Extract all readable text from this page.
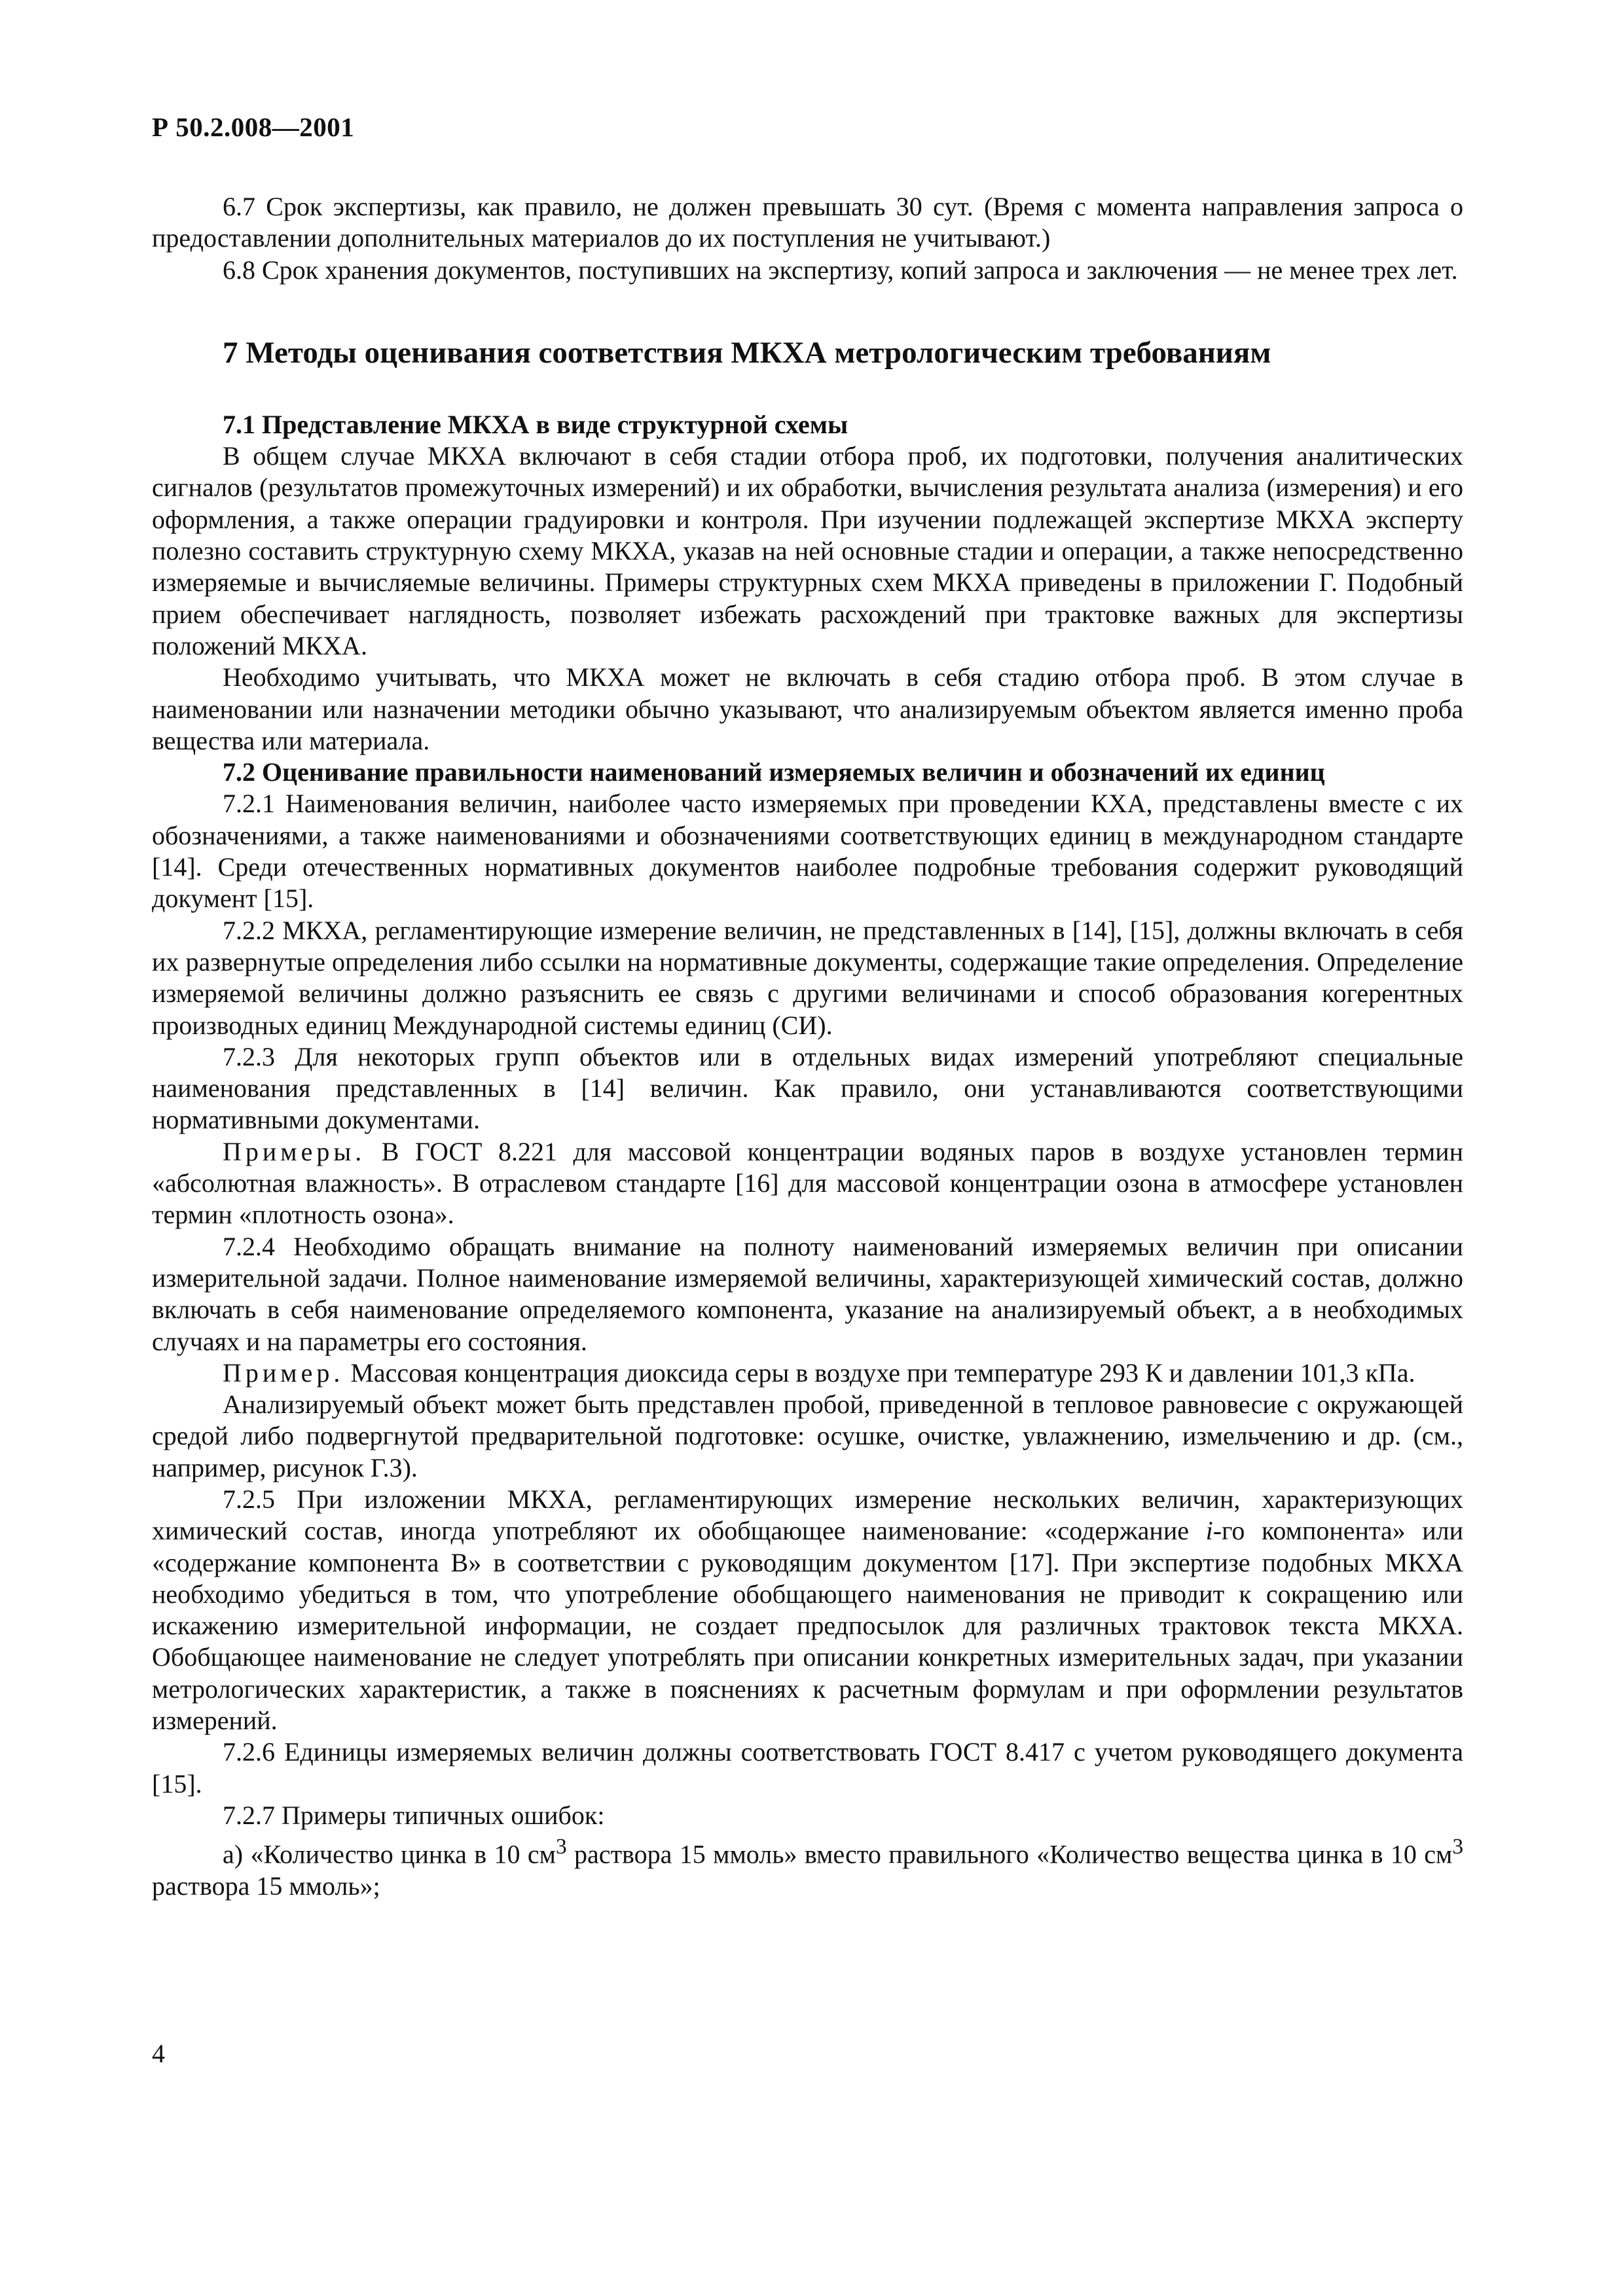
Р 50.2.008—2001

6.7 Срок экспертизы, как правило, не должен превышать 30 сут. (Время с момента направления запроса о предоставлении дополнительных материалов до их поступления не учитывают.)

6.8 Срок хранения документов, поступивших на экспертизу, копий запроса и заключения — не менее трех лет.

7 Методы оценивания соответствия МКХА метрологическим требованиям
7.1 Представление МКХА в виде структурной схемы

В общем случае МКХА включают в себя стадии отбора проб, их подготовки, получения аналитических сигналов (результатов промежуточных измерений) и их обработки, вычисления результата анализа (измерения) и его оформления, а также операции градуировки и контроля. При изучении подлежащей экспертизе МКХА эксперту полезно составить структурную схему МКХА, указав на ней основные стадии и операции, а также непосредственно измеряемые и вычисляемые величины. Примеры структурных схем МКХА приведены в приложении Г. Подобный прием обеспечивает наглядность, позволяет избежать расхождений при трактовке важных для экспертизы положений МКХА.

Необходимо учитывать, что МКХА может не включать в себя стадию отбора проб. В этом случае в наименовании или назначении методики обычно указывают, что анализируемым объектом является именно проба вещества или материала.

7.2 Оценивание правильности наименований измеряемых величин и обозначений их единиц

7.2.1 Наименования величин, наиболее часто измеряемых при проведении КХА, представлены вместе с их обозначениями, а также наименованиями и обозначениями соответствующих единиц в международном стандарте [14]. Среди отечественных нормативных документов наиболее подробные требования содержит руководящий документ [15].

7.2.2 МКХА, регламентирующие измерение величин, не представленных в [14], [15], должны включать в себя их развернутые определения либо ссылки на нормативные документы, содержащие такие определения. Определение измеряемой величины должно разъяснить ее связь с другими величинами и способ образования когерентных производных единиц Международной системы единиц (СИ).

7.2.3 Для некоторых групп объектов или в отдельных видах измерений употребляют специальные наименования представленных в [14] величин. Как правило, они устанавливаются соответствующими нормативными документами.

Примеры. В ГОСТ 8.221 для массовой концентрации водяных паров в воздухе установлен термин «абсолютная влажность». В отраслевом стандарте [16] для массовой концентрации озона в атмосфере установлен термин «плотность озона».

7.2.4 Необходимо обращать внимание на полноту наименований измеряемых величин при описании измерительной задачи. Полное наименование измеряемой величины, характеризующей химический состав, должно включать в себя наименование определяемого компонента, указание на анализируемый объект, а в необходимых случаях и на параметры его состояния.

Пример. Массовая концентрация диоксида серы в воздухе при температуре 293 К и давлении 101,3 кПа.

Анализируемый объект может быть представлен пробой, приведенной в тепловое равновесие с окружающей средой либо подвергнутой предварительной подготовке: осушке, очистке, увлажнению, измельчению и др. (см., например, рисунок Г.3).

7.2.5 При изложении МКХА, регламентирующих измерение нескольких величин, характеризующих химический состав, иногда употребляют их обобщающее наименование: «содержание i-го компонента» или «содержание компонента В» в соответствии с руководящим документом [17]. При экспертизе подобных МКХА необходимо убедиться в том, что употребление обобщающего наименования не приводит к сокращению или искажению измерительной информации, не создает предпосылок для различных трактовок текста МКХА. Обобщающее наименование не следует употреблять при описании конкретных измерительных задач, при указании метрологических характеристик, а также в пояснениях к расчетным формулам и при оформлении результатов измерений.

7.2.6 Единицы измеряемых величин должны соответствовать ГОСТ 8.417 с учетом руководящего документа [15].

7.2.7 Примеры типичных ошибок:

а) «Количество цинка в 10 $см^3$ раствора 15 ммоль» вместо правильного «Количество вещества цинка в 10 $см^3$ раствора 15 ммоль»;

4
